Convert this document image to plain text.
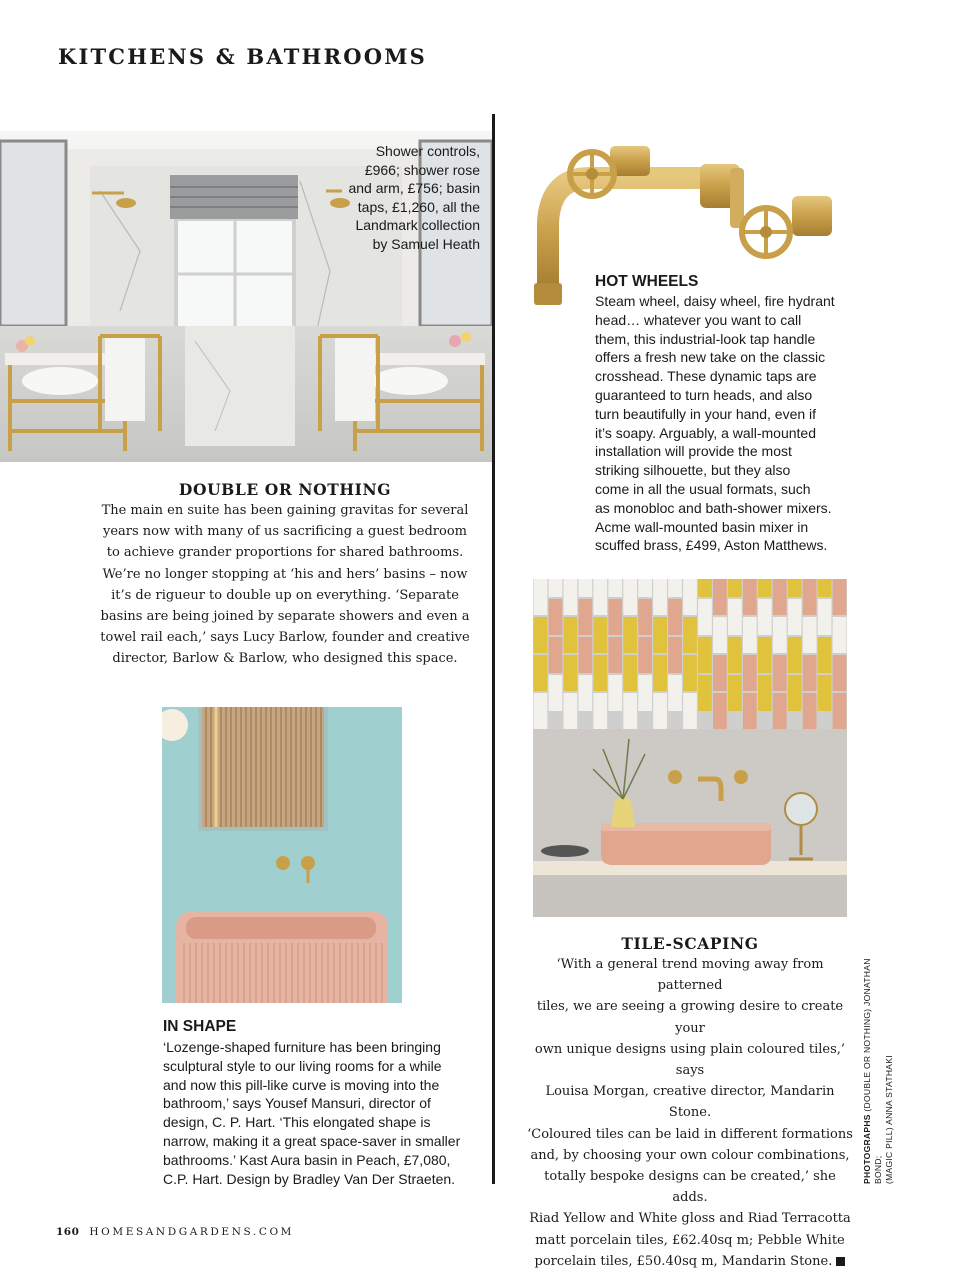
KITCHENS & BATHROOMS
Shower controls,
£966; shower rose
and arm, £756; basin
taps, £1,260, all the
Landmark collection
by Samuel Heath
DOUBLE OR NOTHING
The main en suite has been gaining gravitas for several
years now with many of us sacrificing a guest bedroom
to achieve grander proportions for shared bathrooms.
We’re no longer stopping at ‘his and hers’ basins – now
it’s de rigueur to double up on everything. ‘Separate
basins are being joined by separate showers and even a
towel rail each,’ says Lucy Barlow, founder and creative
director, Barlow & Barlow, who designed this space.
HOT WHEELS
Steam wheel, daisy wheel, fire hydrant
head… whatever you want to call
them, this industrial-look tap handle
offers a fresh new take on the classic
crosshead. These dynamic taps are
guaranteed to turn heads, and also
turn beautifully in your hand, even if
it’s soapy. Arguably, a wall-mounted
installation will provide the most
striking silhouette, but they also
come in all the usual formats, such
as monobloc and bath-shower mixers.
Acme wall-mounted basin mixer in
scuffed brass, £499, Aston Matthews.
TILE-SCAPING
‘With a general trend moving away from patterned
tiles, we are seeing a growing desire to create your
own unique designs using plain coloured tiles,’ says
Louisa Morgan, creative director, Mandarin Stone.
‘Coloured tiles can be laid in different formations
and, by choosing your own colour combinations,
totally bespoke designs can be created,’ she adds.
Riad Yellow and White gloss and Riad Terracotta
matt porcelain tiles, £62.40sq m; Pebble White
porcelain tiles, £50.40sq m, Mandarin Stone.
IN SHAPE
‘Lozenge-shaped furniture has been bringing
sculptural style to our living rooms for a while
and now this pill-like curve is moving into the
bathroom,’ says Yousef Mansuri, director of
design, C. P. Hart. ‘This elongated shape is
narrow, making it a great space-saver in smaller
bathrooms.’ Kast Aura basin in Peach, £7,080,
C.P. Hart. Design by Bradley Van Der Straeten.	PHOTOGRAPHS (DOUBLE OR NOTHING) JONATHAN BOND;
(MAGIC PILL) ANNA STATHAKI
160 HOMESANDGARDENS.COM
